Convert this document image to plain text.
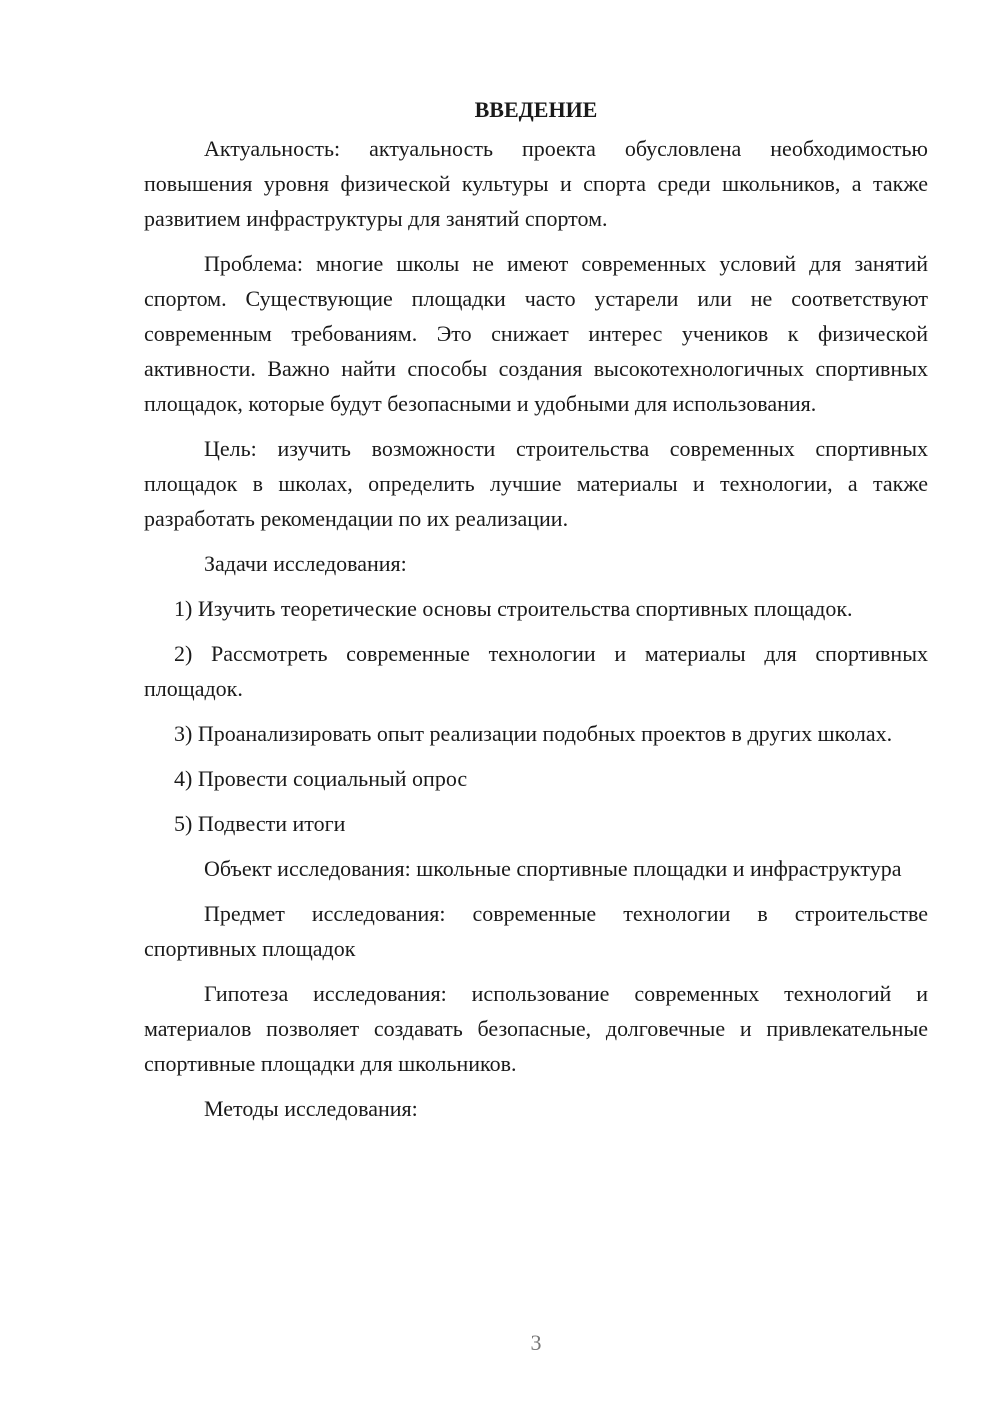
ВВЕДЕНИЕ

Актуальность: актуальность проекта обусловлена необходимостью повышения уровня физической культуры и спорта среди школьников, а также развитием инфраструктуры для занятий спортом.

Проблема: многие школы не имеют современных условий для занятий спортом. Существующие площадки часто устарели или не соответствуют современным требованиям. Это снижает интерес учеников к физической активности. Важно найти способы создания высокотехнологичных спортивных площадок, которые будут безопасными и удобными для использования.

Цель: изучить возможности строительства современных спортивных площадок в школах, определить лучшие материалы и технологии, а также разработать рекомендации по их реализации.

Задачи исследования:

1) Изучить теоретические основы строительства спортивных площадок.

2) Рассмотреть современные технологии и материалы для спортивных площадок.

3) Проанализировать опыт реализации подобных проектов в других школах.

4) Провести социальный опрос

5) Подвести итоги

Объект исследования: школьные спортивные площадки и инфраструктура

Предмет исследования: современные технологии в строительстве спортивных площадок

Гипотеза исследования: использование современных технологий и материалов позволяет создавать безопасные, долговечные и привлекательные спортивные площадки для школьников.

Методы исследования:

3
